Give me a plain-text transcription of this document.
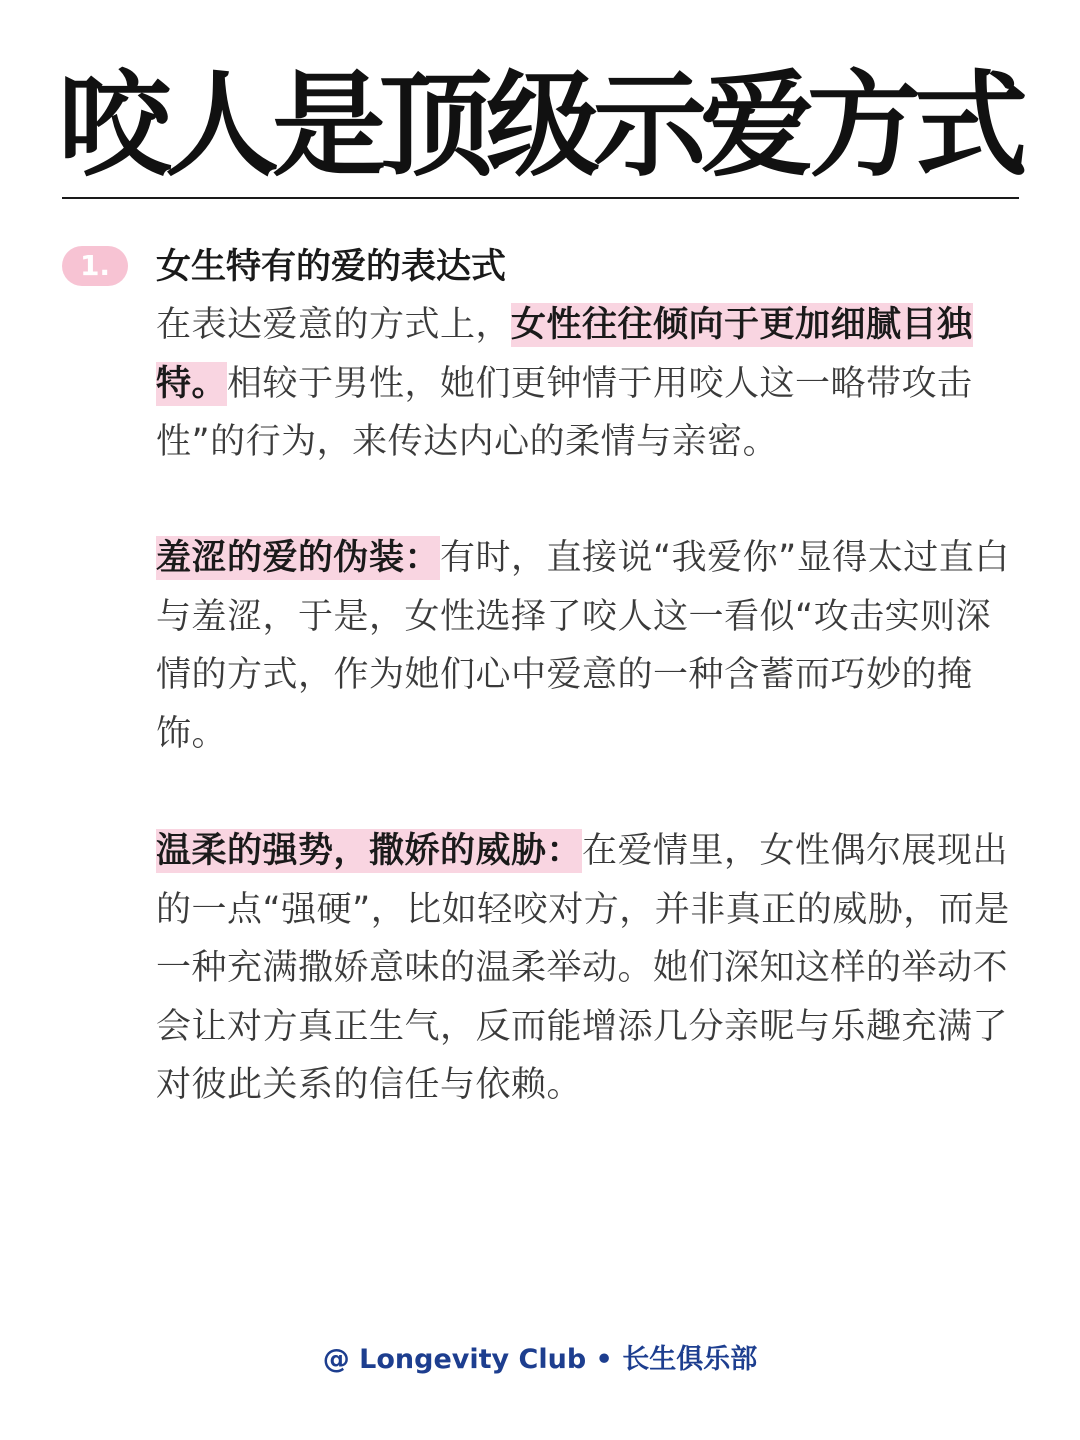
咬人是顶级示爱方式
1.	女生特有的爱的表达式

在表达爱意的方式上，女性往往倾向于更加细腻目独特。相较于男性，她们更钟情于用咬人这一略带攻击性”的行为，来传达内心的柔情与亲密。

羞涩的爱的伪装：有时，直接说“我爱你”显得太过直白与羞涩，于是，女性选择了咬人这一看似“攻击实则深情的方式，作为她们心中爱意的一种含蓄而巧妙的掩饰。

温柔的强势，撒娇的威胁：在爱情里，女性偶尔展现出的一点“强硬”，比如轻咬对方，并非真正的威胁，而是一种充满撒娇意味的温柔举动。她们深知这样的举动不会让对方真正生气，反而能增添几分亲昵与乐趣充满了对彼此关系的信任与依赖。

@ Longevity Club • 长生俱乐部
